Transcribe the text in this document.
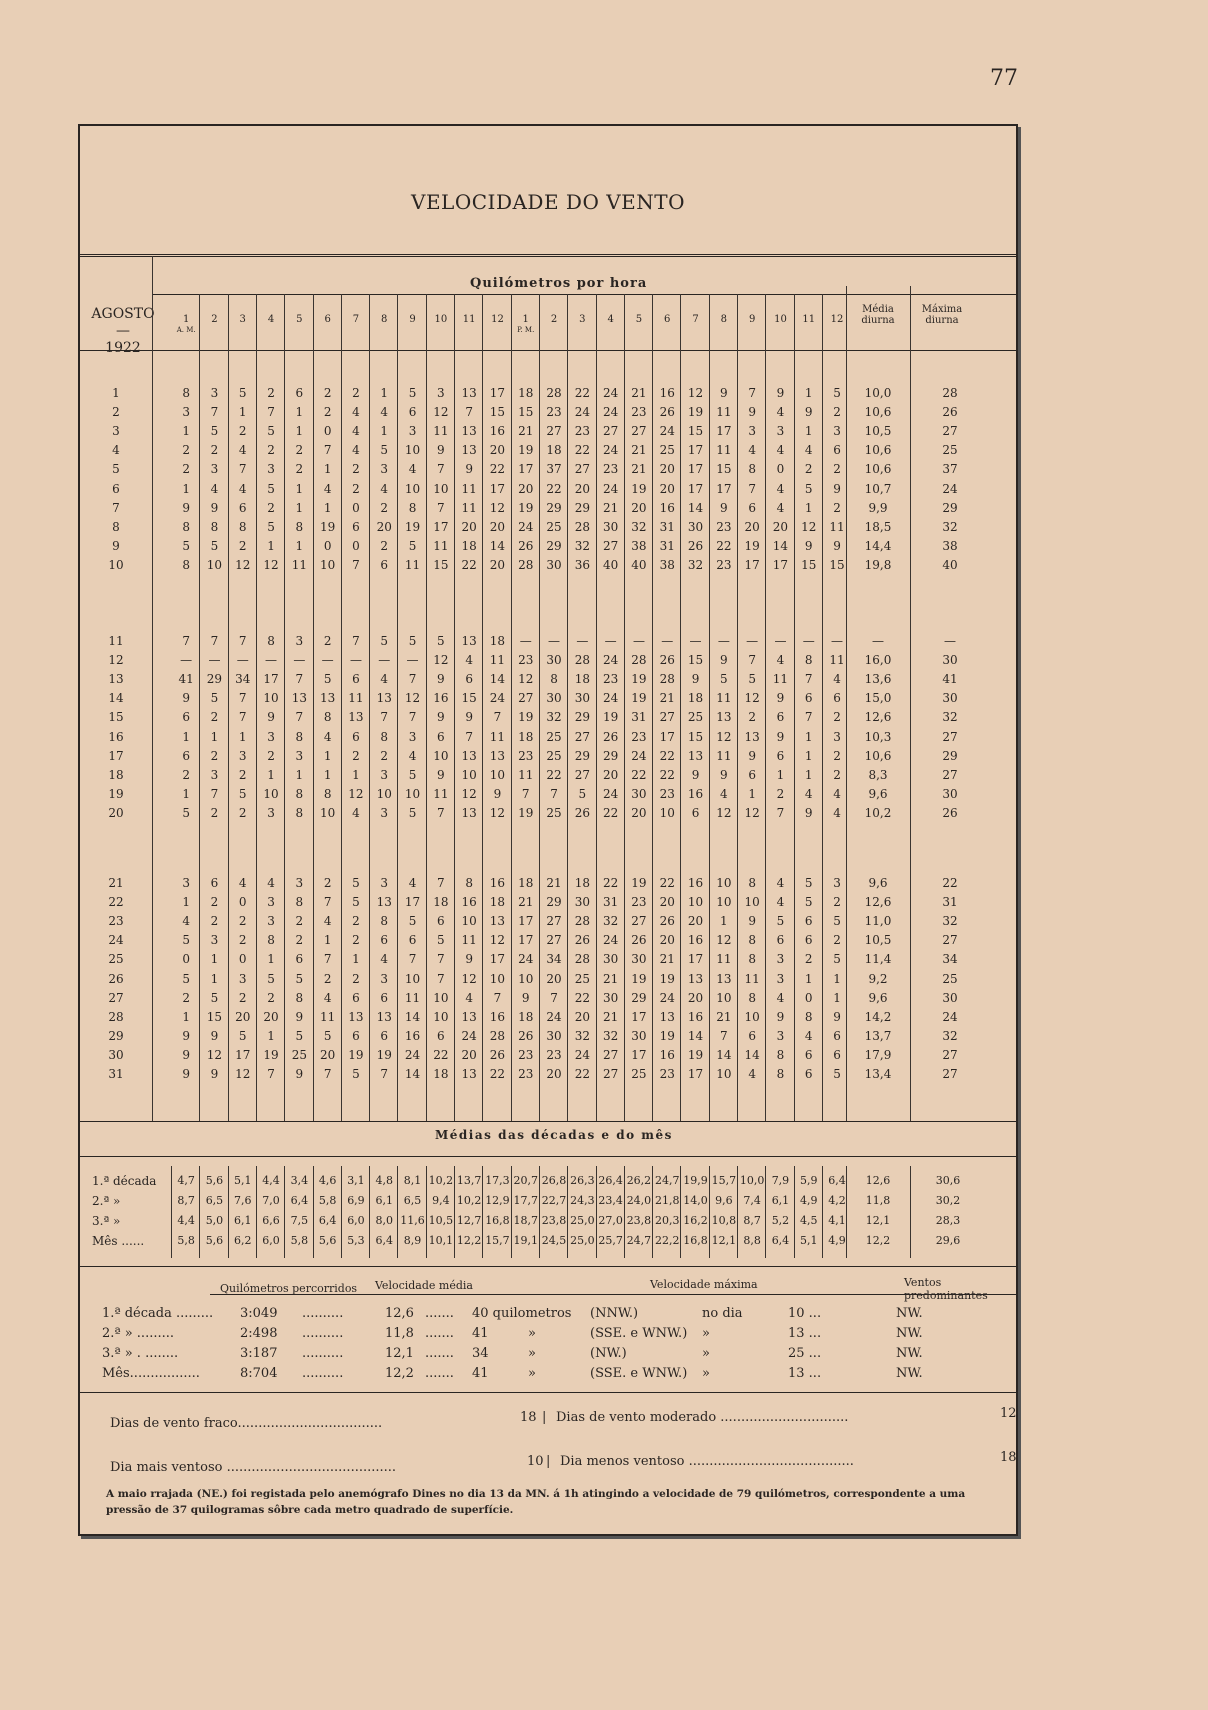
77
VELOCIDADE DO VENTO
Quilómetros por hora
AGOSTO
—
1922
1
A. M.
2	3	4	5	6	7	8	9	10	11	12	1
P. M.
2	3	4	5	6	7	8	9	10	11	12
Média
diurna
Máxima
diurna
1	8	3	5	2	6	2	2	1	5	3	13	17	18	28	22	24	21	16	12	9	7	9	1	5	10,0	28
2	3	7	1	7	1	2	4	4	6	12	7	15	15	23	24	24	23	26	19	11	9	4	9	2	10,6	26
3	1	5	2	5	1	0	4	1	3	11	13	16	21	27	23	27	27	24	15	17	3	3	1	3	10,5	27
4	2	2	4	2	2	7	4	5	10	9	13	20	19	18	22	24	21	25	17	11	4	4	4	6	10,6	25
5	2	3	7	3	2	1	2	3	4	7	9	22	17	37	27	23	21	20	17	15	8	0	2	2	10,6	37
6	1	4	4	5	1	4	2	4	10	10	11	17	20	22	20	24	19	20	17	17	7	4	5	9	10,7	24
7	9	9	6	2	1	1	0	2	8	7	11	12	19	29	29	21	20	16	14	9	6	4	1	2	9,9	29
8	8	8	8	5	8	19	6	20	19	17	20	20	24	25	28	30	32	31	30	23	20	20	12	11	18,5	32
9	5	5	2	1	1	0	0	2	5	11	18	14	26	29	32	27	38	31	26	22	19	14	9	9	14,4	38
10	8	10	12	12	11	10	7	6	11	15	22	20	28	30	36	40	40	38	32	23	17	17	15	15	19,8	40
11	7	7	7	8	3	2	7	5	5	5	13	18	—	—	—	—	—	—	—	—	—	—	—	—	—	—
12	—	—	—	—	—	—	—	—	—	12	4	11	23	30	28	24	28	26	15	9	7	4	8	11	16,0	30
13	41	29	34	17	7	5	6	4	7	9	6	14	12	8	18	23	19	28	9	5	5	11	7	4	13,6	41
14	9	5	7	10	13	13	11	13	12	16	15	24	27	30	30	24	19	21	18	11	12	9	6	6	15,0	30
15	6	2	7	9	7	8	13	7	7	9	9	7	19	32	29	19	31	27	25	13	2	6	7	2	12,6	32
16	1	1	1	3	8	4	6	8	3	6	7	11	18	25	27	26	23	17	15	12	13	9	1	3	10,3	27
17	6	2	3	2	3	1	2	2	4	10	13	13	23	25	29	29	24	22	13	11	9	6	1	2	10,6	29
18	2	3	2	1	1	1	1	3	5	9	10	10	11	22	27	20	22	22	9	9	6	1	1	2	8,3	27
19	1	7	5	10	8	8	12	10	10	11	12	9	7	7	5	24	30	23	16	4	1	2	4	4	9,6	30
20	5	2	2	3	8	10	4	3	5	7	13	12	19	25	26	22	20	10	6	12	12	7	9	4	10,2	26
21	3	6	4	4	3	2	5	3	4	7	8	16	18	21	18	22	19	22	16	10	8	4	5	3	9,6	22
22	1	2	0	3	8	7	5	13	17	18	16	18	21	29	30	31	23	20	10	10	10	4	5	2	12,6	31
23	4	2	2	3	2	4	2	8	5	6	10	13	17	27	28	32	27	26	20	1	9	5	6	5	11,0	32
24	5	3	2	8	2	1	2	6	6	5	11	12	17	27	26	24	26	20	16	12	8	6	6	2	10,5	27
25	0	1	0	1	6	7	1	4	7	7	9	17	24	34	28	30	30	21	17	11	8	3	2	5	11,4	34
26	5	1	3	5	5	2	2	3	10	7	12	10	10	20	25	21	19	19	13	13	11	3	1	1	9,2	25
27	2	5	2	2	8	4	6	6	11	10	4	7	9	7	22	30	29	24	20	10	8	4	0	1	9,6	30
28	1	15	20	20	9	11	13	13	14	10	13	16	18	24	20	21	17	13	16	21	10	9	8	9	14,2	24
29	9	9	5	1	5	5	6	6	16	6	24	28	26	30	32	32	30	19	14	7	6	3	4	6	13,7	32
30	9	12	17	19	25	20	19	19	24	22	20	26	23	23	24	27	17	16	19	14	14	8	6	6	17,9	27
31	9	9	12	7	9	7	5	7	14	18	13	22	23	20	22	27	25	23	17	10	4	8	6	5	13,4	27
Médias das décadas e do mês
1.ª década	4,7 5,6 5,1 4,4 3,4 4,6 3,1 4,8 8,1 10,2 13,7 17,3 20,7 26,8 26,3 26,4 26,2 24,7 19,9 15,7 10,0 7,9 5,9 6,4	12,6	30,6
2.ª »	8,7 6,5 7,6 7,0 6,4 5,8 6,9 6,1 6,5 9,4 10,2 12,9 17,7 22,7 24,3 23,4 24,0 21,8 14,0 9,6 7,4 6,1 4,9 4,2	11,8	30,2
3.ª »	4,4 5,0 6,1 6,6 7,5 6,4 6,0 8,0 11,6 10,5 12,7 16,8 18,7 23,8 25,0 27,0 23,8 20,3 16,2 10,8 8,7 5,2 4,5 4,1	12,1	28,3
Mês ......	5,8 5,6 6,2 6,0 5,8 5,6 5,3 6,4 8,9 10,1 12,2 15,7 19,1 24,5 25,0 25,7 24,7 22,2 16,8 12,1 8,8 6,4 5,1 4,9	12,2	29,6
Quilómetros percorridos Velocidade média	Velocidade máxima	Ventos predominantes
1.ª década ......... 3:049 ..........	12,6 ....... 40 quilometros (NNW.)	no dia	10 ...	NW.
2.ª » .........	2:498 ..........	11,8 ....... 41	»	(SSE. e WNW.) »	13 ...	NW.
3.ª » . ........	3:187 ..........	12,1 ....... 34	»	(NW.)	»	25 ...	NW.
Mês.................	8:704 ..........	12,2 ....... 41	»	(SSE. e WNW.) »	13 ...	NW.
Dias de vento fraco...................................	18 | Dias de vento moderado ...............................	12
Dia mais ventoso .........................................	10 | Dia menos ventoso ........................................	18
A maio rrajada (NE.) foi registada pelo anemógrafo Dines no dia 13 da MN. á 1h atingindo a velocidade de 79 quilómetros, correspondente a uma pressão de 37 quilogramas sôbre cada metro quadrado de superfície.
